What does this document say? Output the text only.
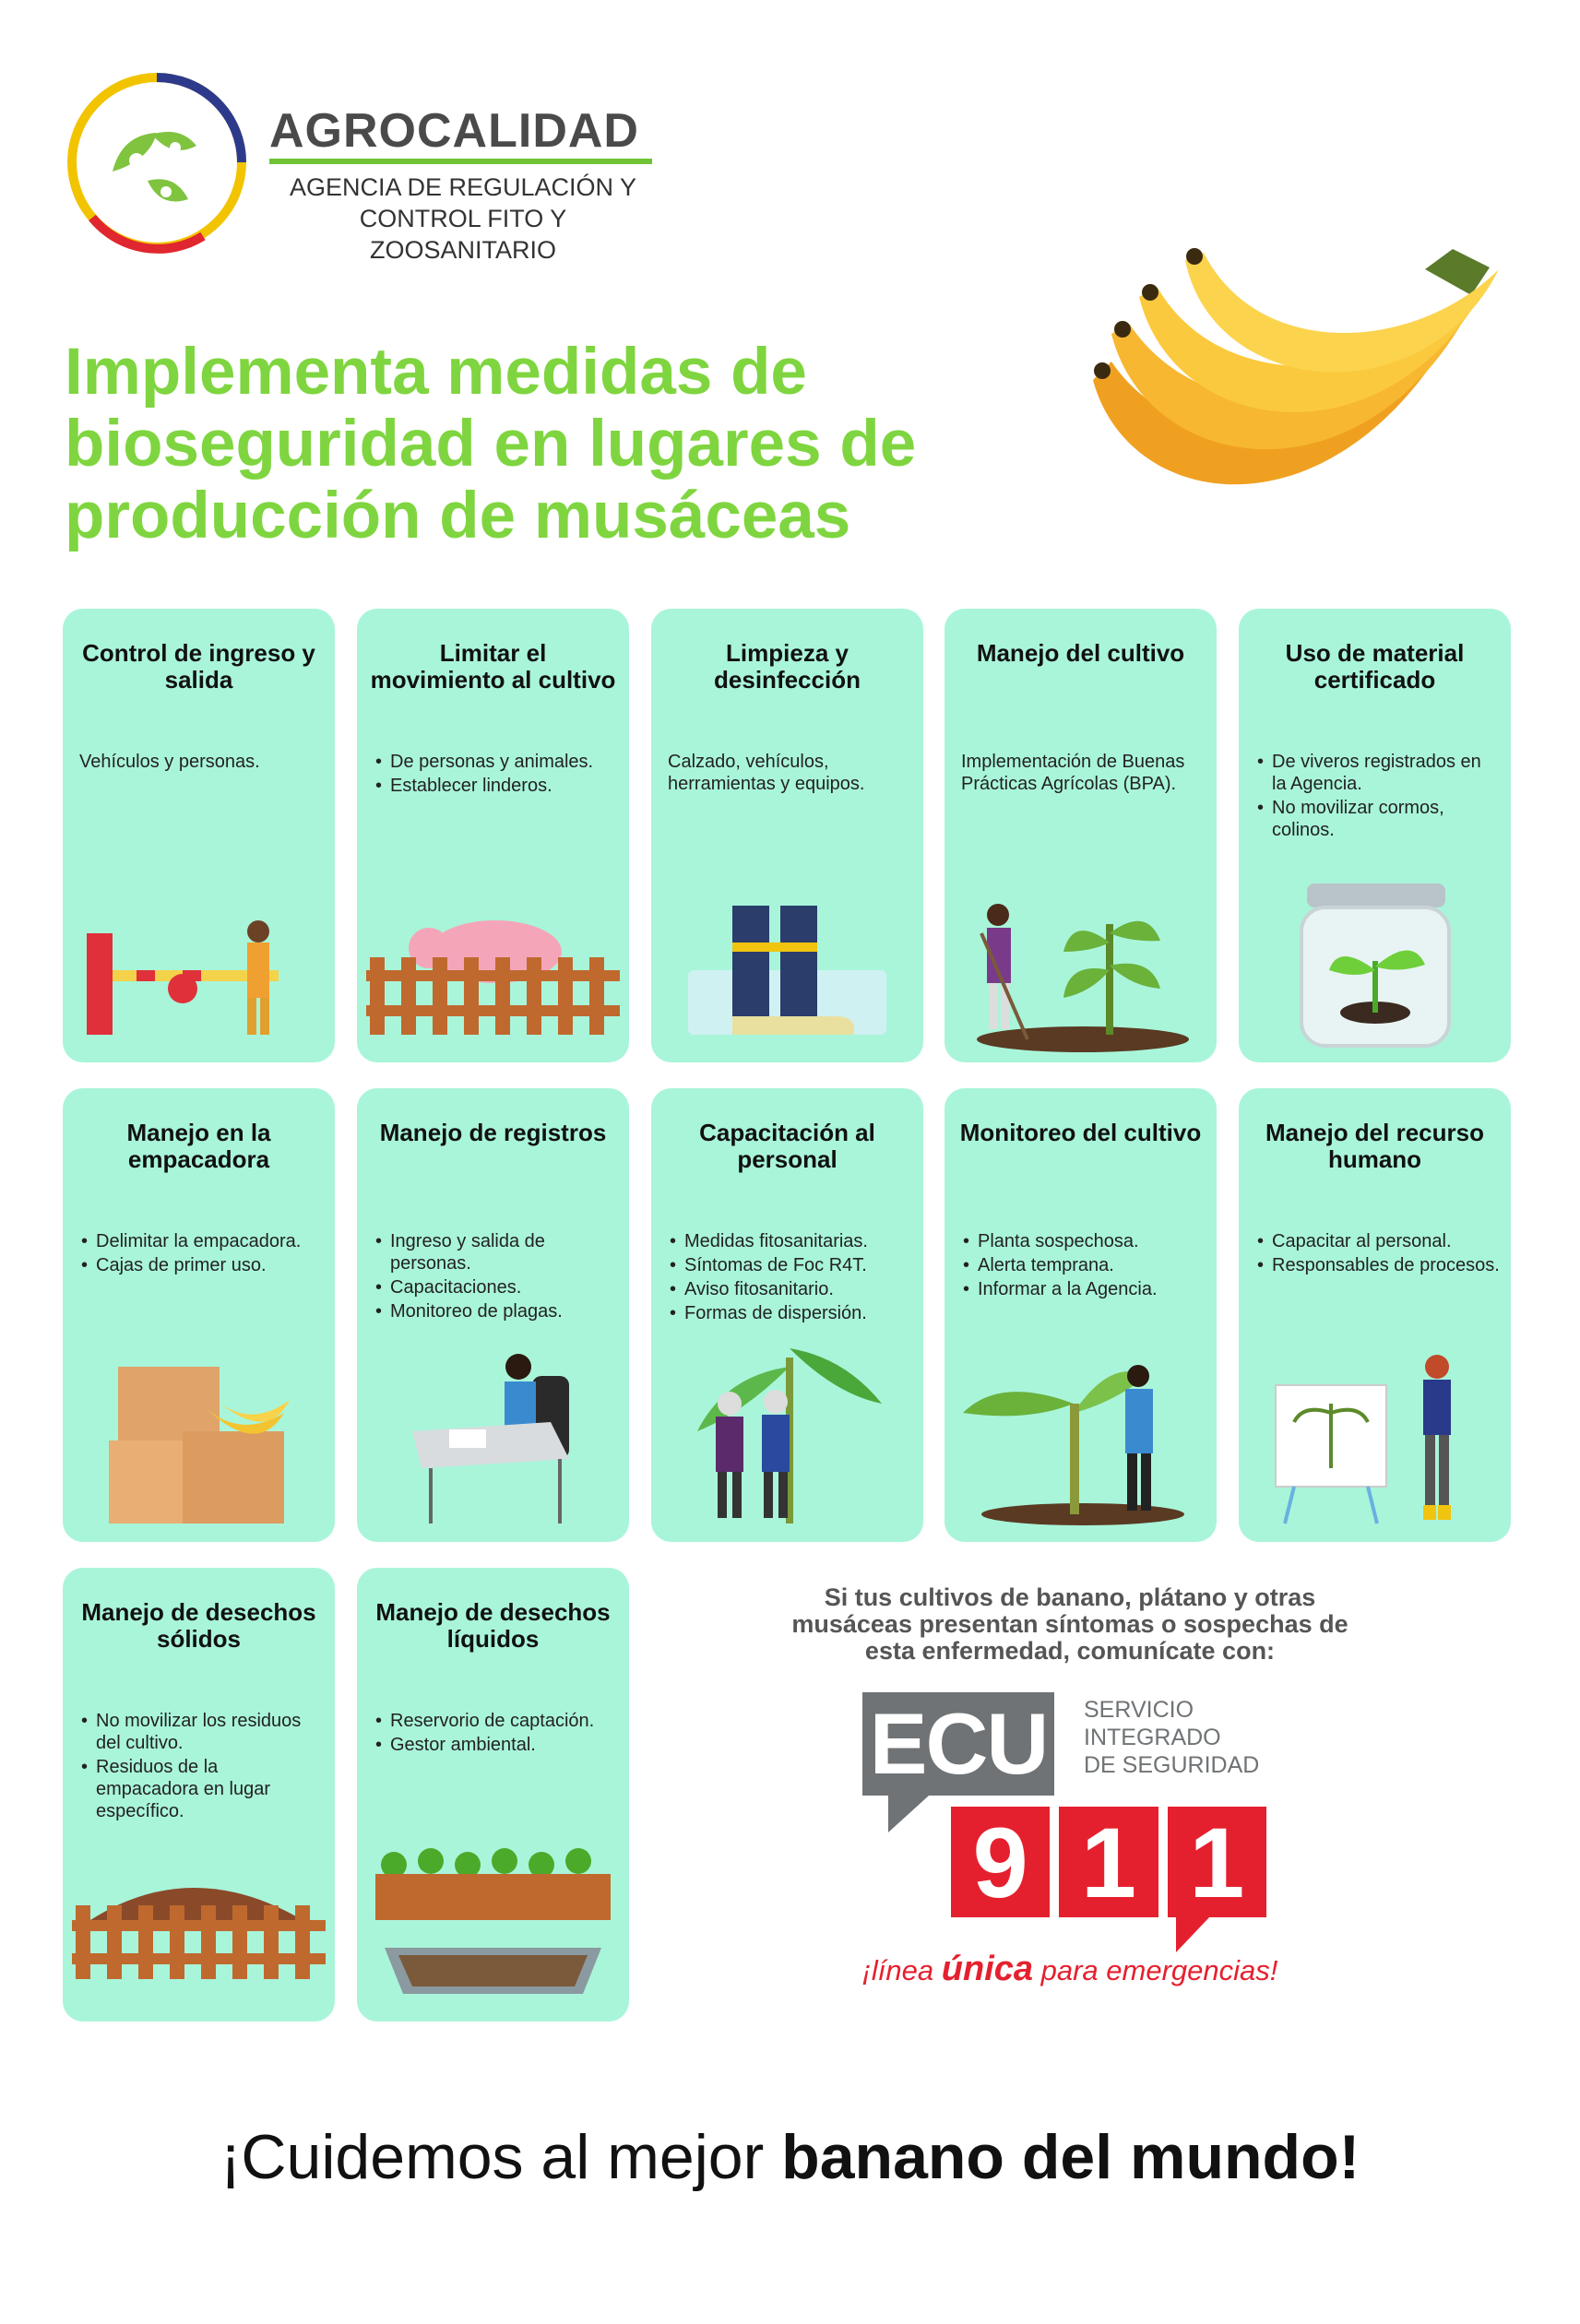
AGROCALIDAD
AGENCIA DE REGULACIÓN Y
CONTROL FITO Y ZOOSANITARIO
Implementa medidas de
bioseguridad en lugares de
producción de musáceas
Control de ingreso y salida
Vehículos y personas.
Limitar el movimiento al cultivo
• De personas y animales.
• Establecer linderos.
Limpieza y desinfección
Calzado, vehículos, herramientas y equipos.
Manejo del cultivo
Implementación de Buenas Prácticas Agrícolas (BPA).
Uso de material certificado
• De viveros registrados en la Agencia.
• No movilizar cormos, colinos.
Manejo en la empacadora
• Delimitar la empacadora.
• Cajas de primer uso.
Manejo de registros
• Ingreso y salida de personas.
• Capacitaciones.
• Monitoreo de plagas.
Capacitación al personal
• Medidas fitosanitarias.
• Síntomas de Foc R4T.
• Aviso fitosanitario.
• Formas de dispersión.
Monitoreo del cultivo
• Planta sospechosa.
• Alerta temprana.
• Informar a la Agencia.
Manejo del recurso humano
• Capacitar al personal.
• Responsables de procesos.
Manejo de desechos sólidos
• No movilizar los residuos del cultivo.
• Residuos de la empacadora en lugar específico.
Manejo de desechos líquidos
• Reservorio de captación.
• Gestor ambiental.
Si tus cultivos de banano, plátano y otras
musáceas presentan síntomas o sospechas de
esta enfermedad, comunícate con:
ECU	SERVICIO
INTEGRADO
DE SEGURIDAD
9 1 1
¡línea única para emergencias!
¡Cuidemos al mejor banano del mundo!
